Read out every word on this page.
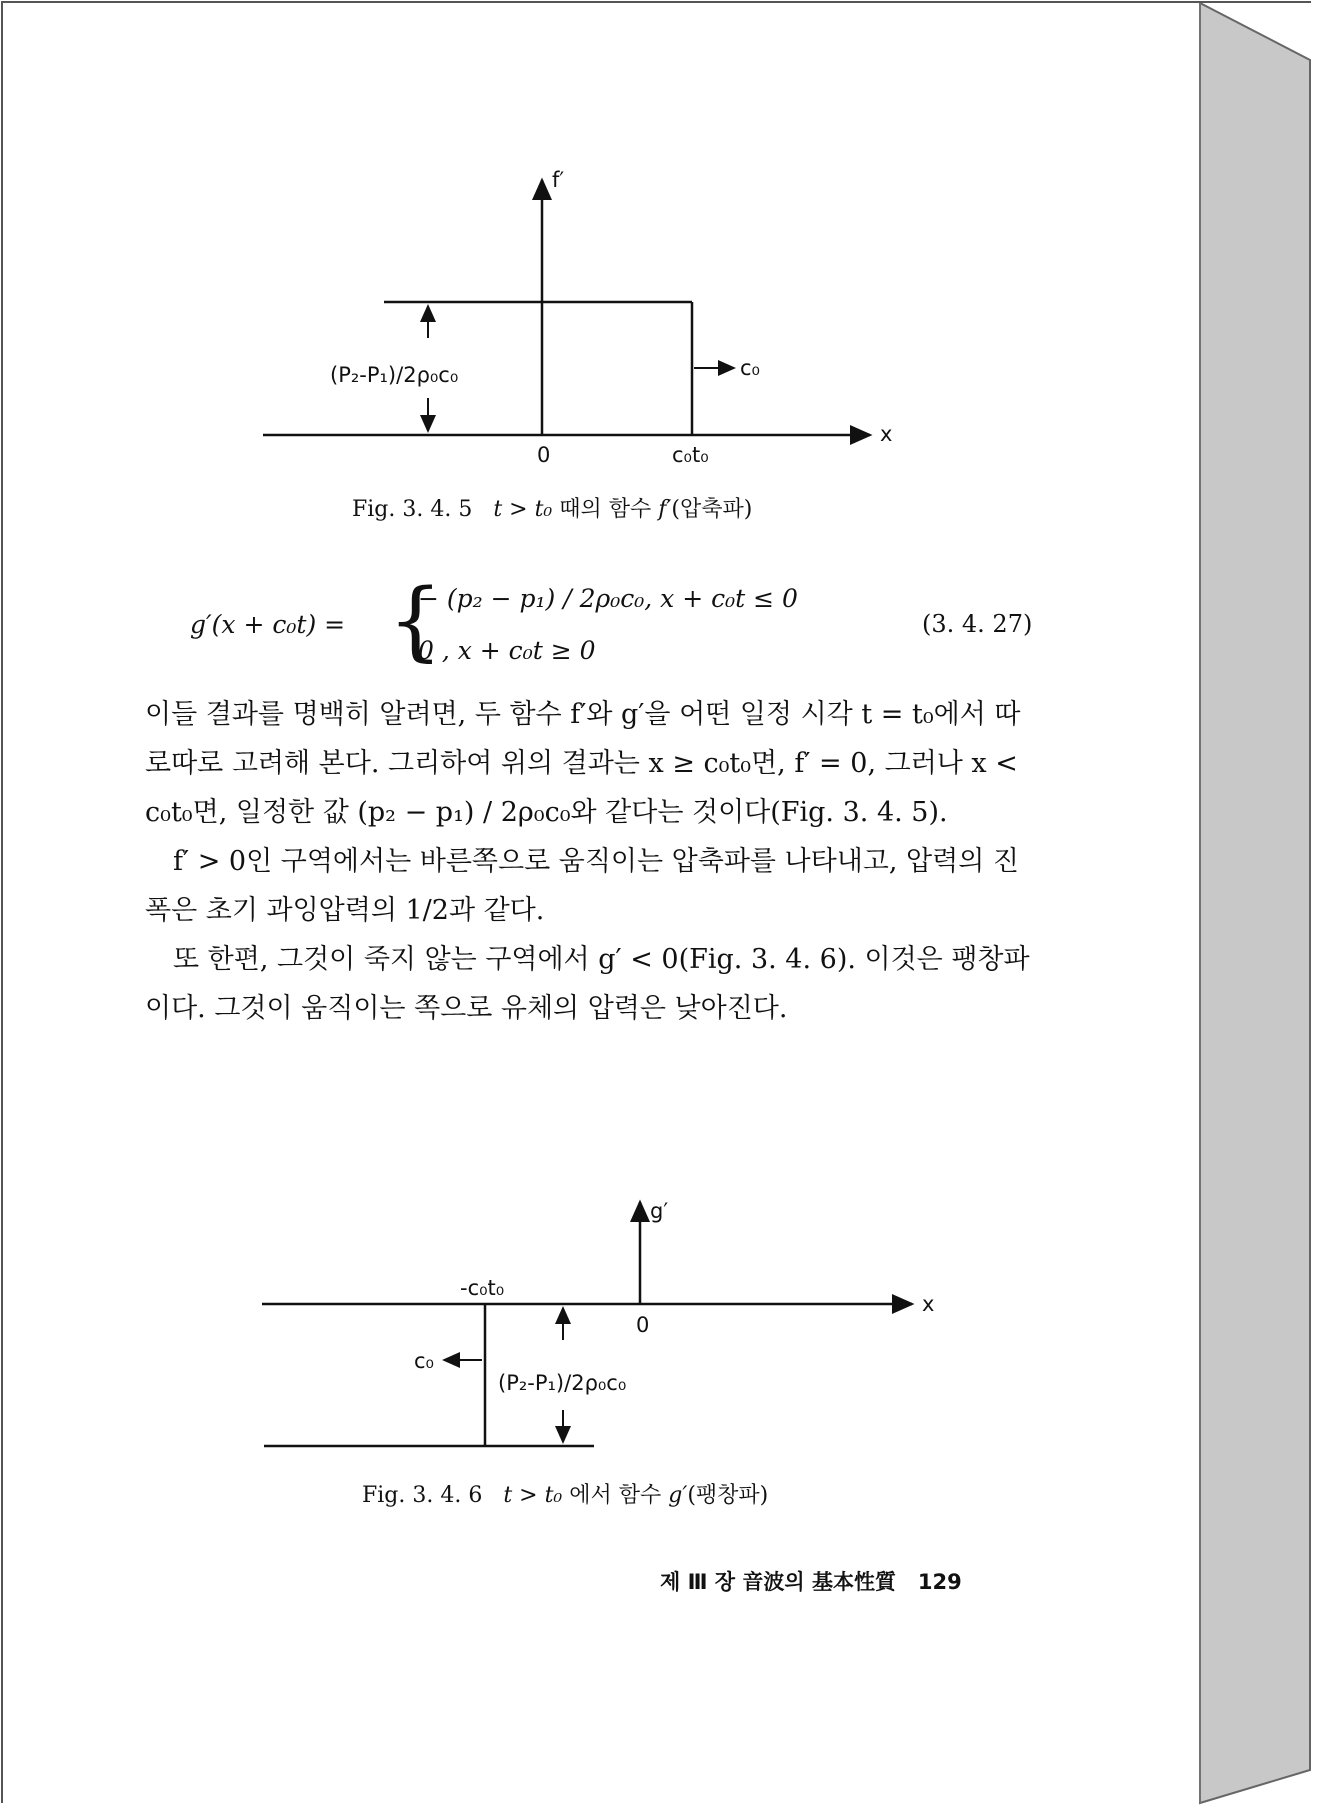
f′
x
0	c₀t₀
c₀
(P₂-P₁)/2ρ₀c₀
Fig. 3. 4. 5 t > t₀ 때의 함수 f′(압축파)
g′(x + c₀t) = {
− (p₂ − p₁) / 2ρ₀c₀, x + c₀t ≤ 0
0 , x + c₀t ≥ 0
(3. 4. 27)

이들 결과를 명백히 알려면, 두 함수 f′와 g′을 어떤 일정 시각 t = t₀에서 따로따로 고려해 본다. 그리하여 위의 결과는 x ≥ c₀t₀면, f′ = 0, 그러나 x < c₀t₀면, 일정한 값 (p₂ − p₁) / 2ρ₀c₀와 같다는 것이다(Fig. 3. 4. 5).

f′ > 0인 구역에서는 바른쪽으로 움직이는 압축파를 나타내고, 압력의 진폭은 초기 과잉압력의 1/2과 같다.

또 한편, 그것이 죽지 않는 구역에서 g′ < 0(Fig. 3. 4. 6). 이것은 팽창파이다. 그것이 움직이는 쪽으로 유체의 압력은 낮아진다.

g′
x
0
-c₀t₀
c₀
(P₂-P₁)/2ρ₀c₀
Fig. 3. 4. 6 t > t₀ 에서 함수 g′(팽창파)
제 Ⅲ 장 音波의 基本性質 129
